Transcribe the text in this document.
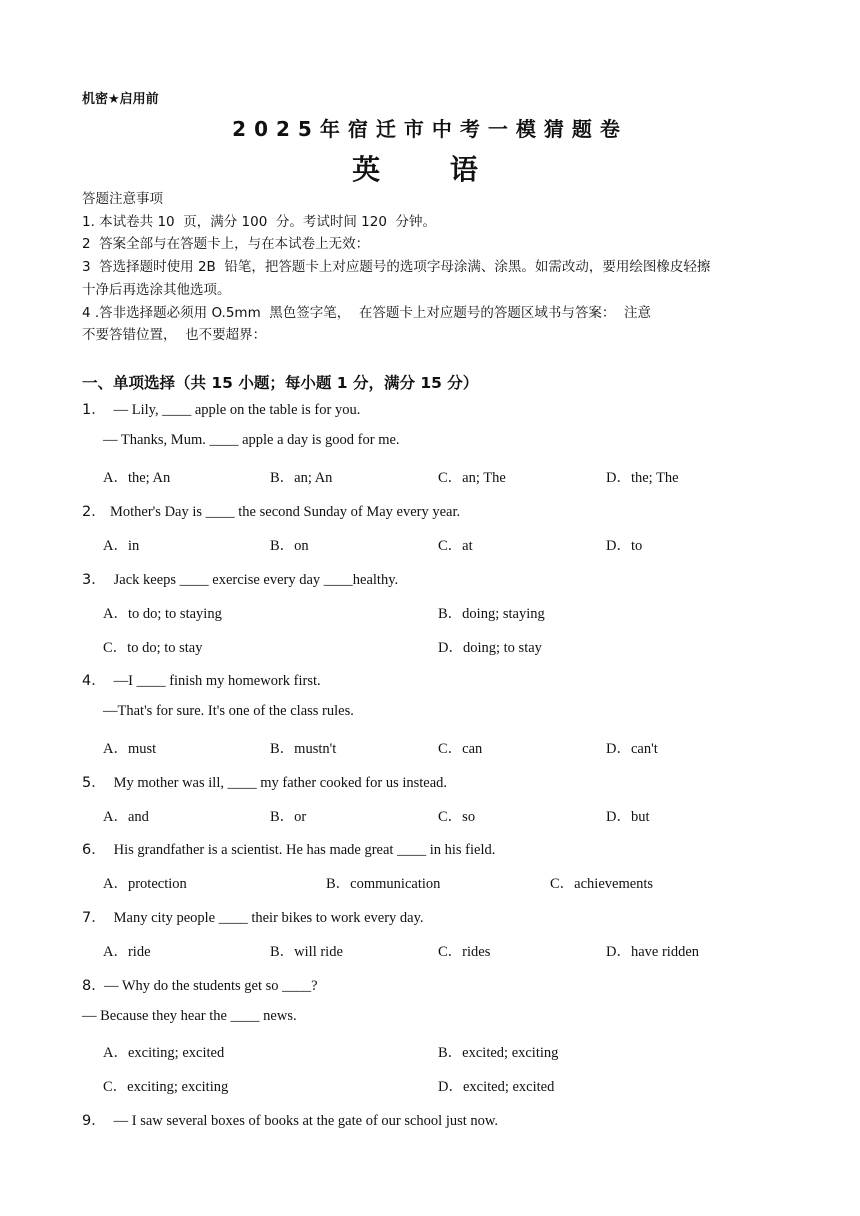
机密★启用前
2025年宿迁市中考一模猜题卷
英 语
答题注意事项
1. 本试卷共 10  页，满分 100  分。考试时间 120  分钟。
2  答案全部与在答题卡上，与在本试卷上无效：
3  答选择题时使用 2B  铅笔，把答题卡上对应题号的选项字母涂满、涂黑。如需改动，要用绘图橡皮轻擦
十净后再选涂其他选项。
4 .答非选择题必须用 O.5mm  黑色签字笔，  在答题卡上对应题号的答题区域书与答案：  注意
不要答错位置，  也不要超界：
一、单项选择（共 15 小题；每小题 1 分，满分 15 分）
1． — Lily, ____ apple on the table is for you.
— Thanks, Mum. ____ apple a day is good for me.
A．the; An	B．an; An	C．an; The	D．the; The
2． Mother's Day is ____ the second Sunday of May every year.
A．in	B．on	C．at	D．to
3． Jack keeps ____ exercise every day ____healthy.
A．to do; to staying	B．doing; staying
C．to do; to stay	D．doing; to stay
4． —I ____ finish my homework first.
—That's for sure. It's one of the class rules.
A．must	B．mustn't	C．can	D．can't
5． My mother was ill, ____ my father cooked for us instead.
A．and	B．or	C．so	D．but
6． His grandfather is a scientist. He has made great ____ in his field.
A．protection	B．communication	C．achievements
7． Many city people ____ their bikes to work every day.
A．ride	B．will ride	C．rides	D．have ridden
8．— Why do the students get so ____?
— Because they hear the ____ news.
A．exciting; excited	B．excited; exciting
C．exciting; exciting	D．excited; excited
9． — I saw several boxes of books at the gate of our school just now.
